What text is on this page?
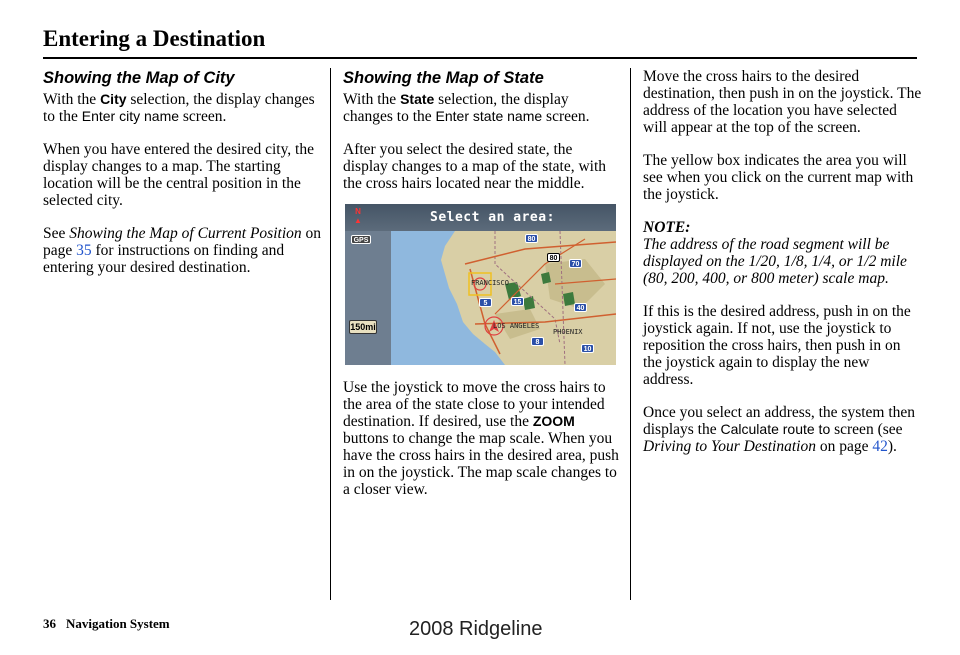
Entering a Destination
Showing the Map of City

With the City selection, the display changes to the Enter city name screen.

When you have entered the desired city, the display changes to a map. The starting location will be the central position in the selected city.

See Showing the Map of Current Position on page 35 for instructions on finding and entering your desired destination.

Showing the Map of State

With the State selection, the display changes to the Enter state name screen.

After you select the desired state, the display changes to a map of the state, with the cross hairs located near the middle.

Select an area:
N
▲
GPS	80
80
70
15
40
5
10
8
FRANCISCO
LOS ANGELES
PHOENIX
150mi

Use the joystick to move the cross hairs to the area of the state close to your intended destination. If desired, use the ZOOM buttons to change the map scale. When you have the cross hairs in the desired area, push in on the joystick. The map scale changes to a closer view.

Move the cross hairs to the desired destination, then push in on the joystick. The address of the location you have selected will appear at the top of the screen.

The yellow box indicates the area you will see when you click on the current map with the joystick.

NOTE:

The address of the road segment will be displayed on the 1/20, 1/8, 1/4, or 1/2 mile (80, 200, 400, or 800 meter) scale map.

If this is the desired address, push in on the joystick again. If not, use the joystick to reposition the cross hairs, then push in on the joystick again to display the new address.

Once you select an address, the system then displays the Calculate route to screen (see Driving to Your Destination on page 42).

36 Navigation System	2008 Ridgeline
